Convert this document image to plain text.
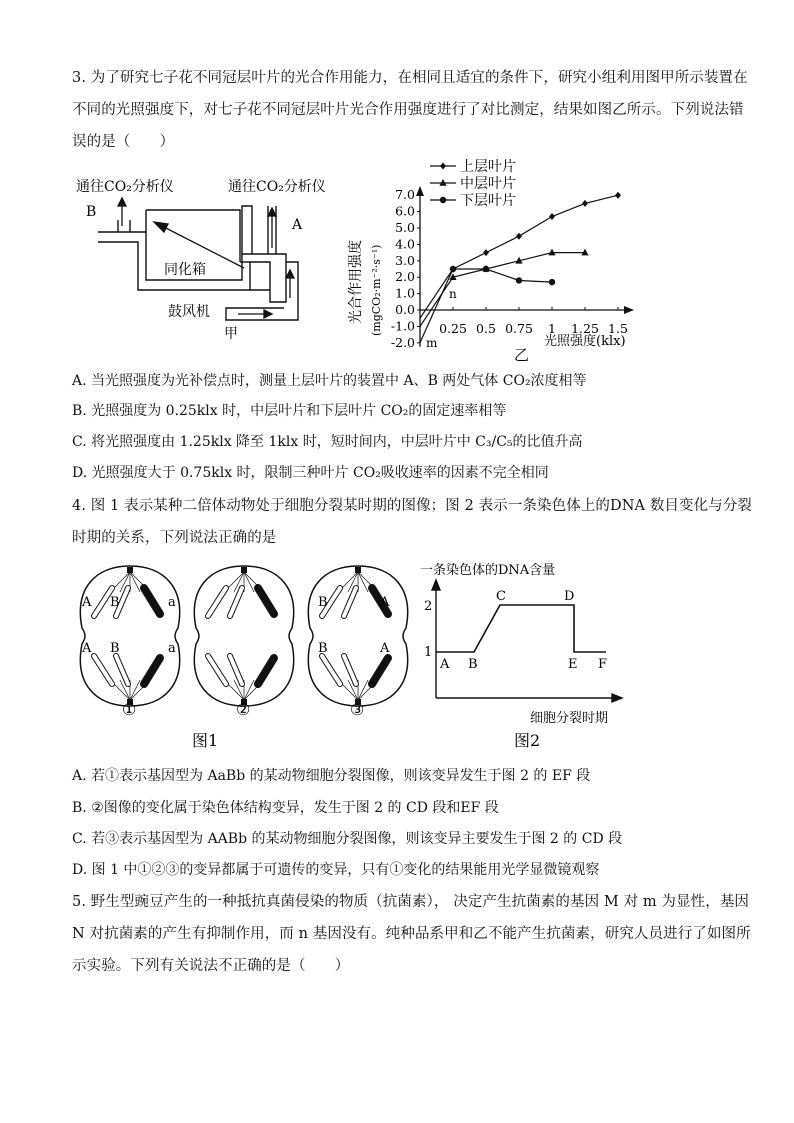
3. 为了研究七子花不同冠层叶片的光合作用能力，在相同且适宜的条件下，研究小组利用图甲所示装置在
不同的光照强度下，对七子花不同冠层叶片光合作用强度进行了对比测定，结果如图乙所示。下列说法错
误的是（　　）
通往CO₂分析仪	通往CO₂分析仪
B
A
同化箱
鼓风机
甲
7.0
6.0
5.0
4.0
3.0
2.0
1.0
0.0
-1.0
-2.0
0.25 0.5 0.75 1 1.25 1.5
n
m
上层叶片
中层叶片
下层叶片
光合作用强度 (mgCO₂·m⁻²·s⁻¹)
光照强度(klx)
乙
A. 当光照强度为光补偿点时，测量上层叶片的装置中 A、B 两处气体 CO₂浓度相等
B. 光照强度为 0.25klx 时，中层叶片和下层叶片 CO₂的固定速率相等
C. 将光照强度由 1.25klx 降至 1klx 时，短时间内，中层叶片中 C₃/C₅的比值升高
D. 光照强度大于 0.75klx 时，限制三种叶片 CO₂吸收速率的因素不完全相同
4. 图 1 表示某种二倍体动物处于细胞分裂某时期的图像；图 2 表示一条染色体上的DNA 数目变化与分裂
时期的关系，下列说法正确的是
A B	a
A B	a
①	②
B	A
B	A
③
图1
一条染色体的DNA含量
2
1
A B
C	D
E F
细胞分裂时期
图2
A. 若①表示基因型为 AaBb 的某动物细胞分裂图像，则该变异发生于图 2 的 EF 段
B. ②图像的变化属于染色体结构变异，发生于图 2 的 CD 段和EF 段
C. 若③表示基因型为 AABb 的某动物细胞分裂图像，则该变异主要发生于图 2 的 CD 段
D. 图 1 中①②③的变异都属于可遗传的变异，只有①变化的结果能用光学显微镜观察
5. 野生型豌豆产生的一种抵抗真菌侵染的物质（抗菌素）， 决定产生抗菌素的基因 M 对 m 为显性，基因
N 对抗菌素的产生有抑制作用，而 n 基因没有。纯种品系甲和乙不能产生抗菌素，研究人员进行了如图所
示实验。下列有关说法不正确的是（　　）
